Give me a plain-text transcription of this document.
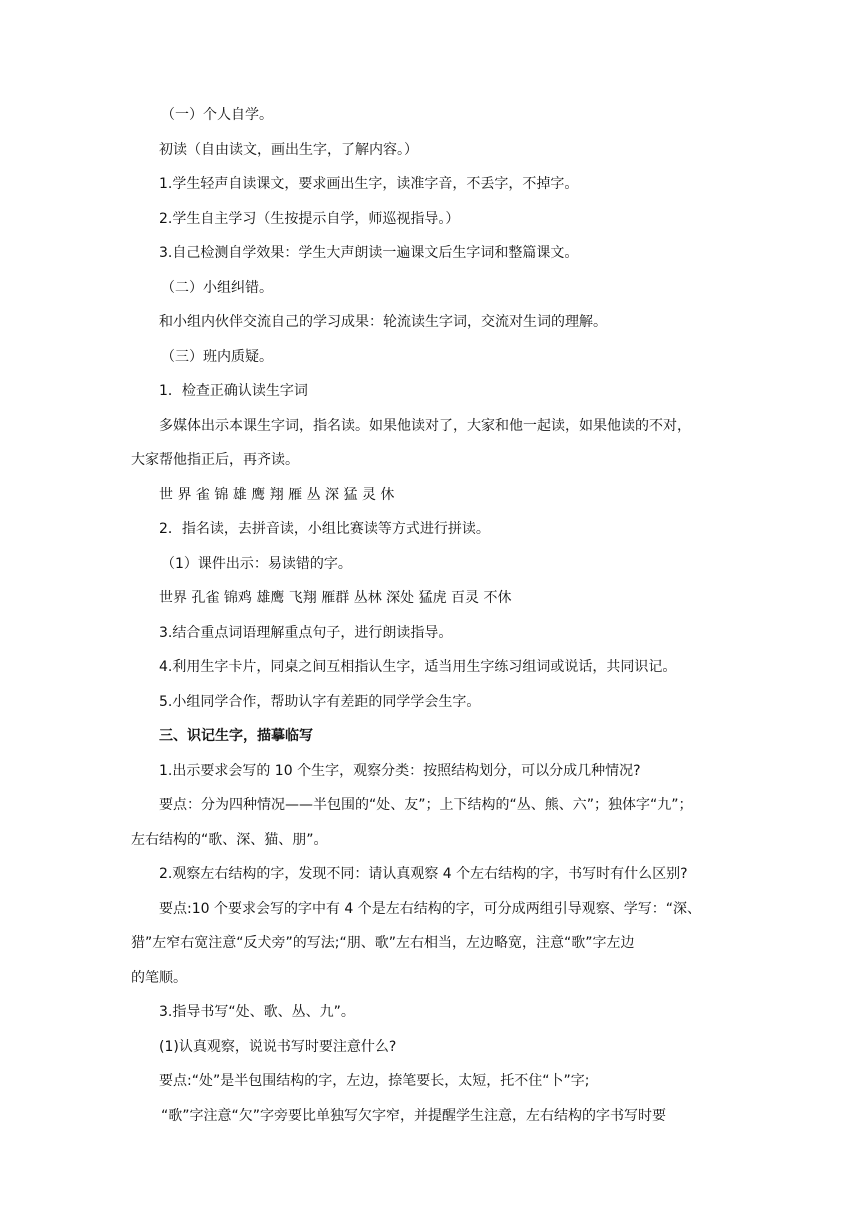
（一）个人自学。

初读（自由读文，画出生字，了解内容。）

1.学生轻声自读课文，要求画出生字，读准字音，不丢字，不掉字。

2.学生自主学习（生按提示自学，师巡视指导。）

3.自己检测自学效果：学生大声朗读一遍课文后生字词和整篇课文。

（二）小组纠错。

和小组内伙伴交流自己的学习成果：轮流读生字词，交流对生词的理解。

（三）班内质疑。

1．检查正确认读生字词

多媒体出示本课生字词，指名读。如果他读对了，大家和他一起读，如果他读的不对，

大家帮他指正后，再齐读。

世 界 雀 锦 雄 鹰 翔 雁 丛 深 猛 灵 休

2．指名读，去拼音读，小组比赛读等方式进行拼读。

（1）课件出示：易读错的字。

世界 孔雀 锦鸡 雄鹰 飞翔 雁群 丛林 深处 猛虎 百灵 不休

3.结合重点词语理解重点句子，进行朗读指导。

4.利用生字卡片，同桌之间互相指认生字，适当用生字练习组词或说话，共同识记。

5.小组同学合作，帮助认字有差距的同学学会生字。

三、识记生字，描摹临写

1.出示要求会写的 10 个生字，观察分类：按照结构划分，可以分成几种情况?

要点：分为四种情况——半包围的“处、友”；上下结构的“丛、熊、六”；独体字“九”；

左右结构的“歌、深、猫、朋”。

2.观察左右结构的字，发现不同：请认真观察 4 个左右结构的字，书写时有什么区别?

要点:10 个要求会写的字中有 4 个是左右结构的字，可分成两组引导观察、学写：“深、

猎”左窄右宽注意“反犬旁”的写法;“朋、歌”左右相当，左边略宽，注意“歌”字左边

的笔顺。

3.指导书写“处、歌、丛、九”。

(1)认真观察，说说书写时要注意什么?

要点:“处”是半包围结构的字，左边，捺笔要长，太短，托不住“卜”字;

“歌”字注意“欠”字旁要比单独写欠字窄，并提醒学生注意，左右结构的字书写时要
